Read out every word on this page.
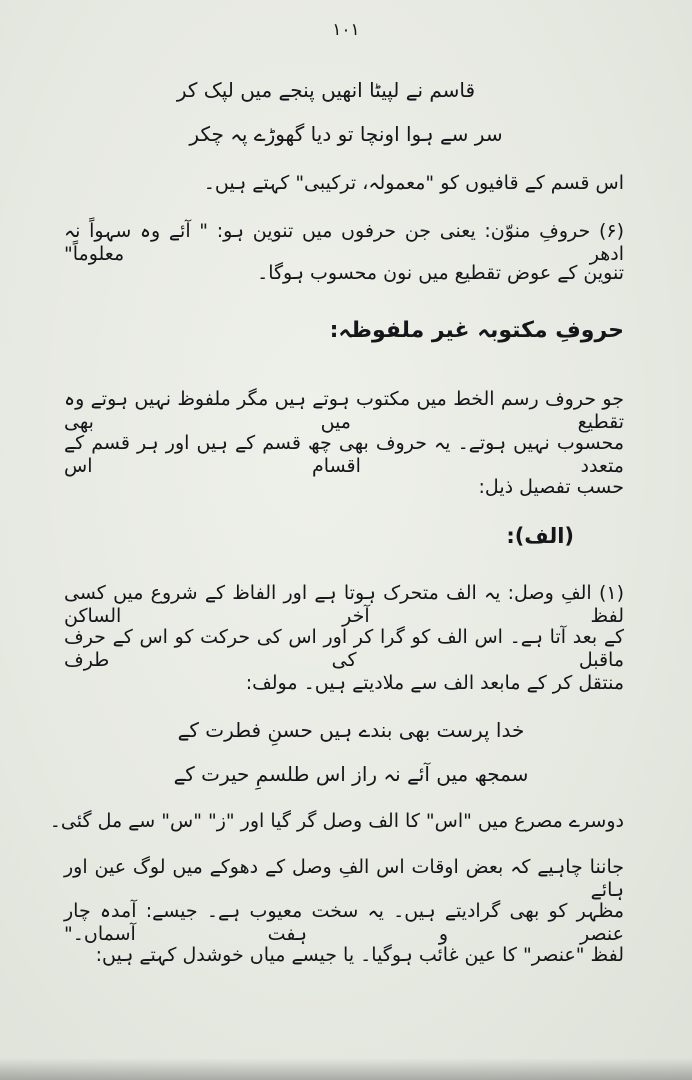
۱۰۱
قاسم نے لپیٹا انھیں پنجے میں لپک کر
سر سے ہوا اونچا تو دیا گھوڑے پہ چکر
اس قسم کے قافیوں کو "معمولہ، ترکیبی" کہتے ہیں۔
(۶) حروفِ منوّن: یعنی جن حرفوں میں تنوین ہو: " آئے وہ سہواً نہ ادھر معلوماً"
تنوین کے عوض تقطیع میں نون محسوب ہوگا۔
حروفِ مکتوبہ غیر ملفوظہ:
جو حروف رسم الخط میں مکتوب ہوتے ہیں مگر ملفوظ نہیں ہوتے وہ تقطیع میں بھی
محسوب نہیں ہوتے۔ یہ حروف بھی چھ قسم کے ہیں اور ہر قسم کے متعدد اقسام اس
حسب تفصیل ذیل:
(الف):
(۱) الفِ وصل: یہ الف متحرک ہوتا ہے اور الفاظ کے شروع میں کسی لفظ آخر الساکن
کے بعد آتا ہے۔ اس الف کو گرا کر اور اس کی حرکت کو اس کے حرف ماقبل کی طرف
منتقل کر کے مابعد الف سے ملادیتے ہیں۔ مولف:
خدا پرست بھی بندے ہیں حسنِ فطرت کے
سمجھ میں آئے نہ راز اس طلسمِ حیرت کے
دوسرے مصرع میں "اس" کا الف وصل گر گیا اور "ز" "س" سے مل گئی۔
جاننا چاہیے کہ بعض اوقات اس الفِ وصل کے دھوکے میں لوگ عین اور ہائے
مظہر کو بھی گرادیتے ہیں۔ یہ سخت معیوب ہے۔ جیسے: آمدہ چار عنصر و ہفت آسماں۔"
لفظ "عنصر" کا عین غائب ہوگیا۔ یا جیسے میاں خوشدل کہتے ہیں:
